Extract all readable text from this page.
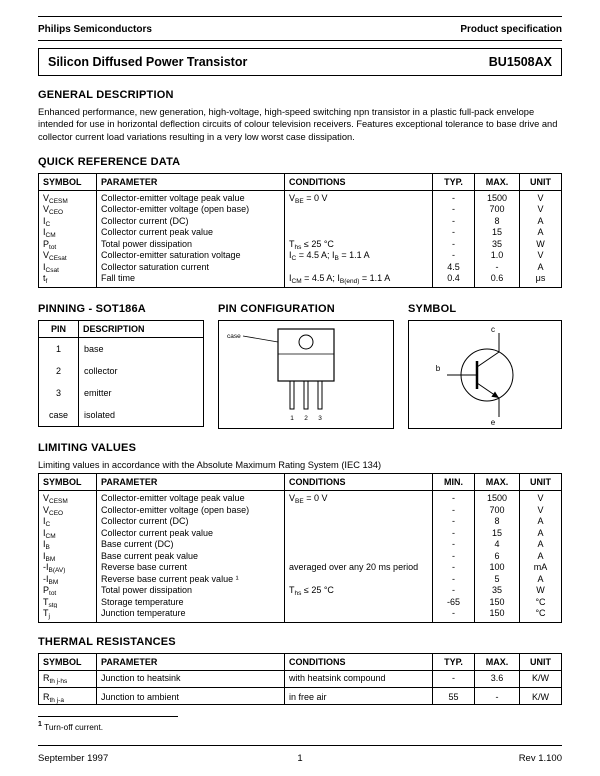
Philips Semiconductors	Product specification
Silicon Diffused Power Transistor	BU1508AX
GENERAL DESCRIPTION

Enhanced performance, new generation, high-voltage, high-speed switching npn transistor in a plastic full-pack envelope intended for use in horizontal deflection circuits of colour television receivers. Features exceptional tolerance to base drive and collector current load variations resulting in a very low worst case dissipation.

QUICK REFERENCE DATA
SYMBOL	PARAMETER	CONDITIONS	TYP.	MAX.	UNIT
$V_{CESM}$	Collector-emitter voltage peak value	$V_{BE} = 0$ V	-	1500	V
$V_{CEO}$	Collector-emitter voltage (open base)		-	700	V
$I_C$	Collector current (DC)		-	8	A
$I_{CM}$	Collector current peak value		-	15	A
$P_{tot}$	Total power dissipation	$T_{hs} \le 25$ °C	-	35	W
$V_{CEsat}$	Collector-emitter saturation voltage	$I_C = 4.5$ A; $I_B = 1.1$ A	-	1.0	V
$I_{Csat}$	Collector saturation current		4.5	-	A
$t_f$	Fall time	$I_{CM} = 4.5$ A; $I_{B(end)} = 1.1$ A	0.4	0.6	μs
PINNING - SOT186A
PIN	DESCRIPTION
1	base
2	collector
3	emitter
case	isolated
PIN CONFIGURATION
case
1 2 3
SYMBOL
c
b
e
LIMITING VALUES

Limiting values in accordance with the Absolute Maximum Rating System (IEC 134)

SYMBOL	PARAMETER	CONDITIONS	MIN.	MAX.	UNIT
$V_{CESM}$	Collector-emitter voltage peak value	$V_{BE} = 0$ V	-	1500	V
$V_{CEO}$	Collector-emitter voltage (open base)		-	700	V
$I_C$	Collector current (DC)		-	8	A
$I_{CM}$	Collector current peak value		-	15	A
$I_B$	Base current (DC)		-	4	A
$I_{BM}$	Base current peak value		-	6	A
$-I_{B(AV)}$	Reverse base current	averaged over any 20 ms period	-	100	mA
$-I_{BM}$	Reverse base current peak value ¹		-	5	A
$P_{tot}$	Total power dissipation	$T_{hs} \le 25$ °C	-	35	W
$T_{stg}$	Storage temperature		-65	150	°C
$T_j$	Junction temperature		-	150	°C
THERMAL RESISTANCES
SYMBOL	PARAMETER	CONDITIONS	TYP.	MAX.	UNIT
$R_{th j-hs}$	Junction to heatsink	with heatsink compound	-	3.6	K/W
$R_{th j-a}$	Junction to ambient	in free air	55	-	K/W
$^1$ Turn-off current.
September 1997	1	Rev 1.100
